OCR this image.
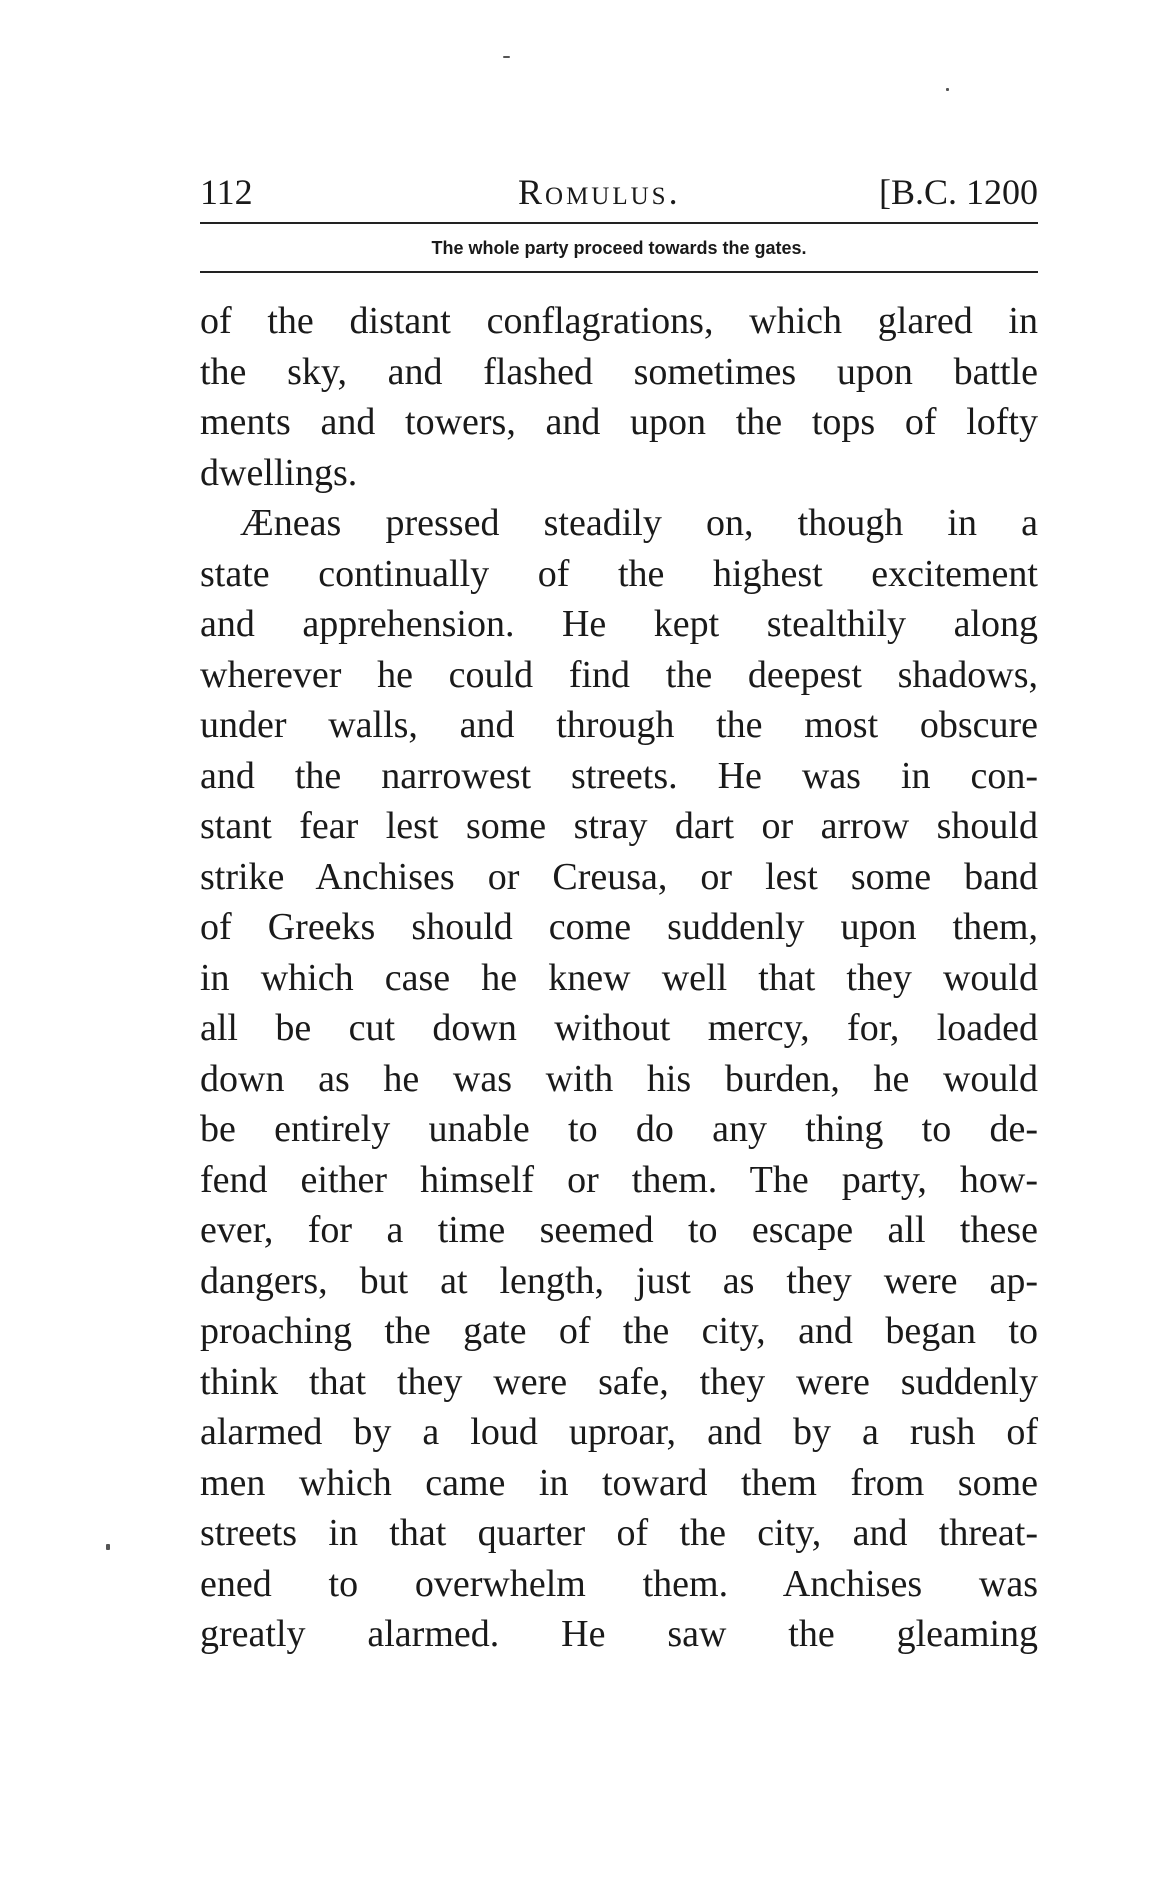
112	Romulus.	[B.C. 1200
The whole party proceed towards the gates.
of the distant conflagrations, which glared in
the sky, and flashed sometimes upon battle
ments and towers, and upon the tops of lofty
dwellings.
Æneas pressed steadily on, though in a
state continually of the highest excitement
and apprehension. He kept stealthily along
wherever he could find the deepest shadows,
under walls, and through the most obscure
and the narrowest streets. He was in con-
stant fear lest some stray dart or arrow should
strike Anchises or Creusa, or lest some band
of Greeks should come suddenly upon them,
in which case he knew well that they would
all be cut down without mercy, for, loaded
down as he was with his burden, he would
be entirely unable to do any thing to de-
fend either himself or them. The party, how-
ever, for a time seemed to escape all these
dangers, but at length, just as they were ap-
proaching the gate of the city, and began to
think that they were safe, they were suddenly
alarmed by a loud uproar, and by a rush of
men which came in toward them from some
streets in that quarter of the city, and threat-
ened to overwhelm them. Anchises was
greatly alarmed. He saw the gleaming
